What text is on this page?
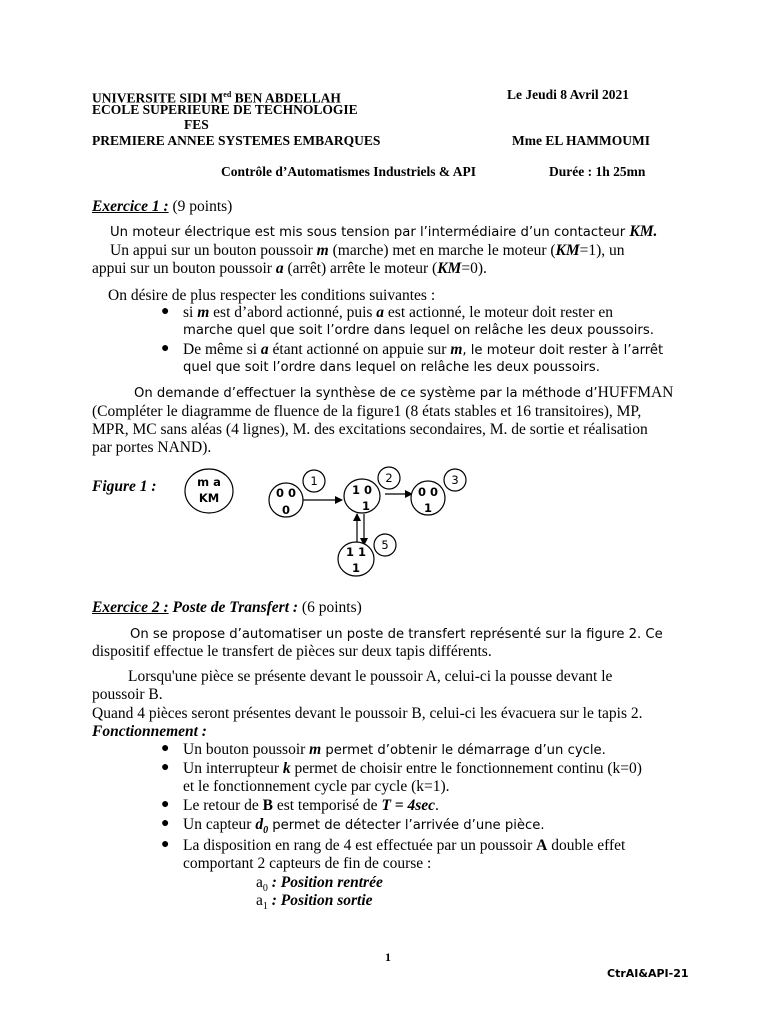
UNIVERSITE SIDI $M^{ed}$ BEN ABDELLAH	Le Jeudi 8 Avril 2021
ECOLE SUPERIEURE DE TECHNOLOGIE
FES
PREMIERE ANNEE SYSTEMES EMBARQUES	Mme EL HAMMOUMI
Contrôle d’Automatismes Industriels & API	Durée : 1h 25mn
Exercice 1 : (9 points)
Un moteur électrique est mis sous tension par l’intermédiaire d’un contacteur KM.
Un appui sur un bouton poussoir m (marche) met en marche le moteur (KM=1), un
appui sur un bouton poussoir a (arrêt) arrête le moteur (KM=0).
On désire de plus respecter les conditions suivantes :
● si m est d’abord actionné, puis a est actionné, le moteur doit rester en
marche quel que soit l’ordre dans lequel on relâche les deux poussoirs.
● De même si a étant actionné on appuie sur m, le moteur doit rester à l’arrêt
quel que soit l’ordre dans lequel on relâche les deux poussoirs.
On demande d’effectuer la synthèse de ce système par la méthode d’HUFFMAN
(Compléter le diagramme de fluence de la figure1 (8 états stables et 16 transitoires), MP,
MPR, MC sans aléas (4 lignes), M. des excitations secondaires, M. de sortie et réalisation
par portes NAND).
Figure 1 :	m a
KM	0 0
0
1
1 0
1
2
0 0
1
3
1 1
1
5
Exercice 2 : Poste de Transfert : (6 points)
On se propose d’automatiser un poste de transfert représenté sur la figure 2. Ce
dispositif effectue le transfert de pièces sur deux tapis différents.
Lorsqu'une pièce se présente devant le poussoir A, celui-ci la pousse devant le
poussoir B.
Quand 4 pièces seront présentes devant le poussoir B, celui-ci les évacuera sur le tapis 2.
Fonctionnement :
● Un bouton poussoir m permet d’obtenir le démarrage d’un cycle.
● Un interrupteur k permet de choisir entre le fonctionnement continu (k=0)
et le fonctionnement cycle par cycle (k=1).
● Le retour de B est temporisé de T = 4sec.
● Un capteur $d_0$ permet de détecter l’arrivée d’une pièce.
● La disposition en rang de 4 est effectuée par un poussoir A double effet
comportant 2 capteurs de fin de course :
$a_0$ : Position rentrée
$a_1$ : Position sortie
1
CtrAI&API-21
